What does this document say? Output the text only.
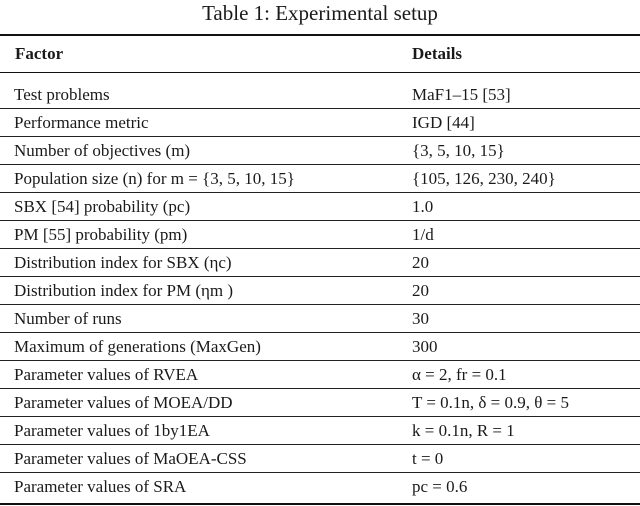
Table 1: Experimental setup
Factor	Details
Test problems	MaF1–15 [53]
Performance metric	IGD [44]
Number of objectives (m)	{3, 5, 10, 15}
Population size (n) for m = {3, 5, 10, 15}	{105, 126, 230, 240}
SBX [54] probability (pc)	1.0
PM [55] probability (pm)	1/d
Distribution index for SBX (ηc)	20
Distribution index for PM (ηm )	20
Number of runs	30
Maximum of generations (MaxGen)	300
Parameter values of RVEA	α = 2, fr = 0.1
Parameter values of MOEA/DD	T = 0.1n, δ = 0.9, θ = 5
Parameter values of 1by1EA	k = 0.1n, R = 1
Parameter values of MaOEA-CSS	t = 0
Parameter values of SRA	pc = 0.6
